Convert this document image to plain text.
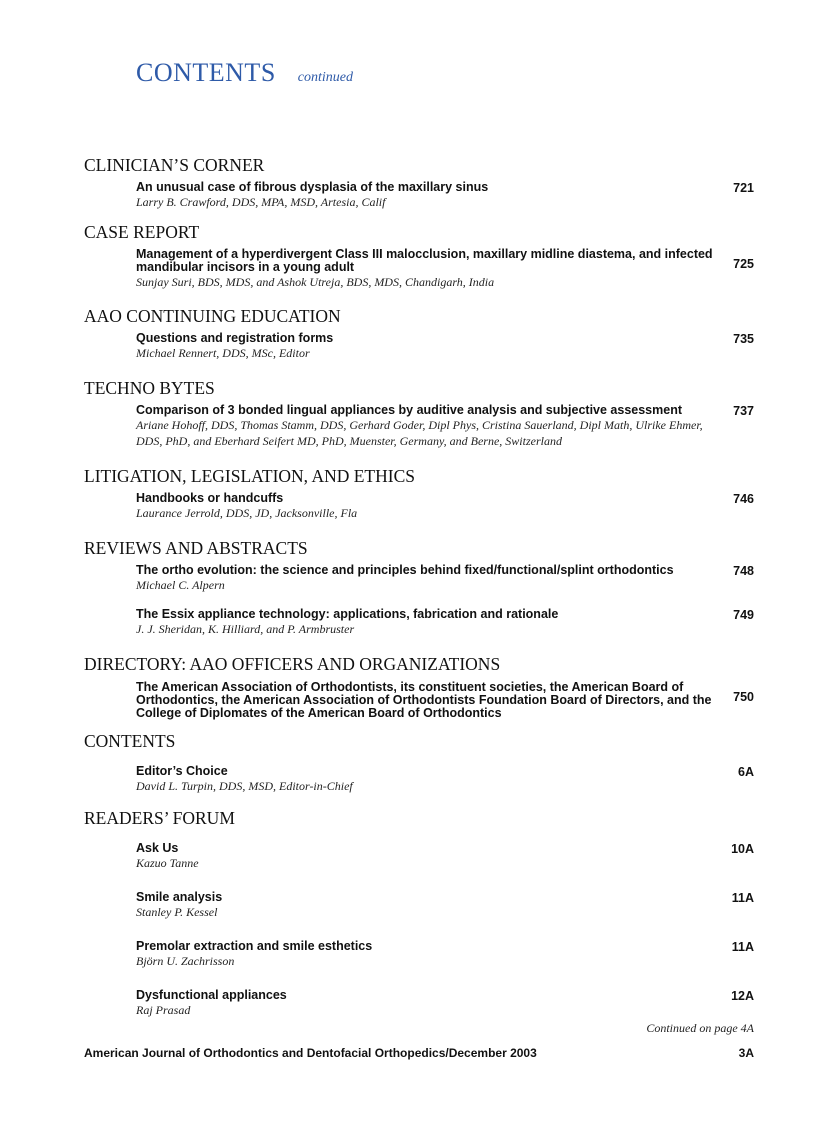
CONTENTS continued
CLINICIAN’S CORNER
An unusual case of fibrous dysplasia of the maxillary sinus
Larry B. Crawford, DDS, MPA, MSD, Artesia, Calif
721
CASE REPORT
Management of a hyperdivergent Class III malocclusion, maxillary midline diastema, and infected mandibular incisors in a young adult
Sunjay Suri, BDS, MDS, and Ashok Utreja, BDS, MDS, Chandigarh, India
725
AAO CONTINUING EDUCATION
Questions and registration forms
Michael Rennert, DDS, MSc, Editor
735
TECHNO BYTES
Comparison of 3 bonded lingual appliances by auditive analysis and subjective assessment
Ariane Hohoff, DDS, Thomas Stamm, DDS, Gerhard Goder, Dipl Phys, Cristina Sauerland, Dipl Math, Ulrike Ehmer, DDS, PhD, and Eberhard Seifert MD, PhD, Muenster, Germany, and Berne, Switzerland
737
LITIGATION, LEGISLATION, AND ETHICS
Handbooks or handcuffs
Laurance Jerrold, DDS, JD, Jacksonville, Fla
746
REVIEWS AND ABSTRACTS
The ortho evolution: the science and principles behind fixed/functional/splint orthodontics
Michael C. Alpern
748
The Essix appliance technology: applications, fabrication and rationale
J. J. Sheridan, K. Hilliard, and P. Armbruster
749
DIRECTORY: AAO OFFICERS AND ORGANIZATIONS
The American Association of Orthodontists, its constituent societies, the American Board of Orthodontics, the American Association of Orthodontists Foundation Board of Directors, and the College of Diplomates of the American Board of Orthodontics
750
CONTENTS
Editor’s Choice
David L. Turpin, DDS, MSD, Editor-in-Chief
6A
READERS’ FORUM
Ask Us
Kazuo Tanne
10A
Smile analysis
Stanley P. Kessel
11A
Premolar extraction and smile esthetics
Björn U. Zachrisson
11A
Dysfunctional appliances
Raj Prasad
12A
Continued on page 4A
American Journal of Orthodontics and Dentofacial Orthopedics/December 2003	3A
